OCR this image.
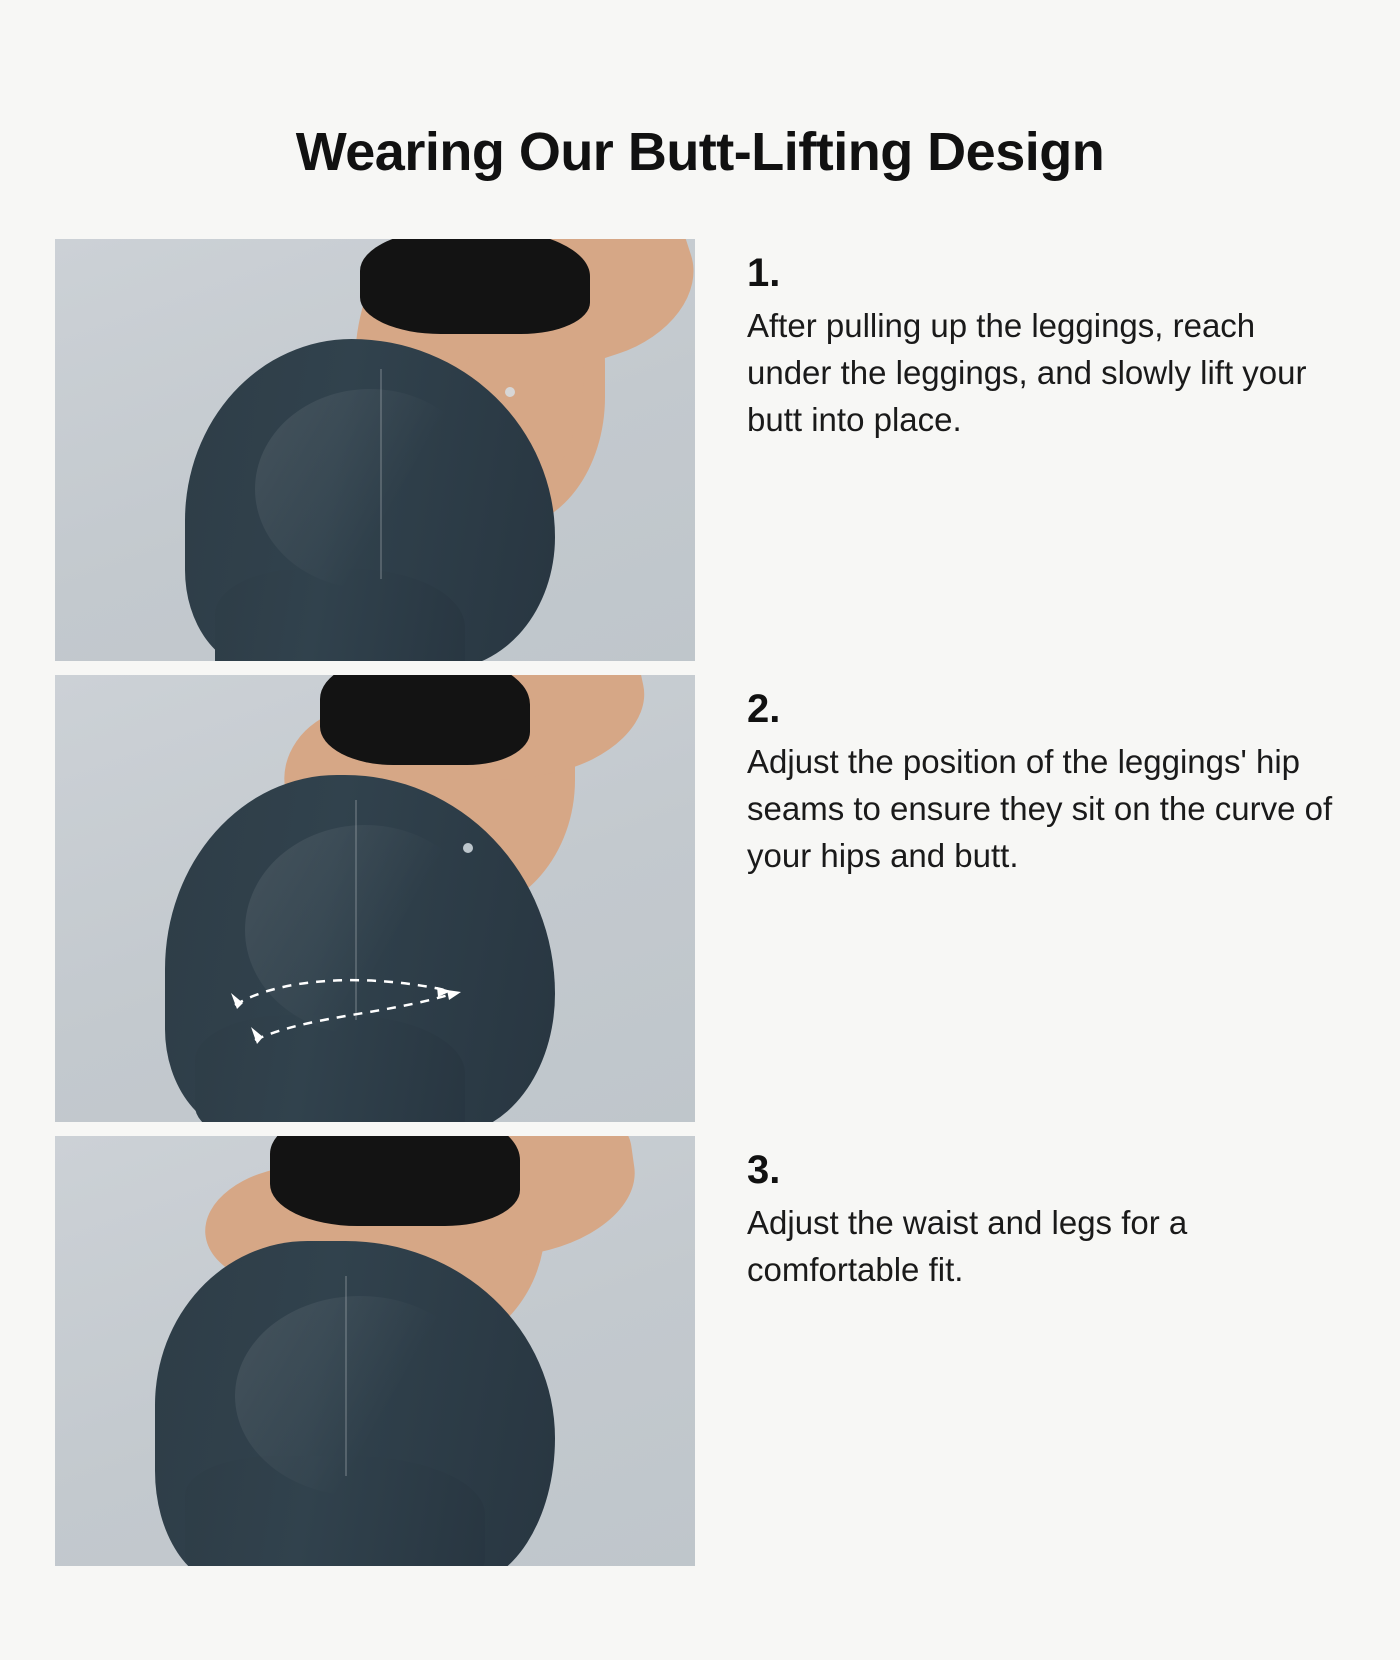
Wearing Our Butt-Lifting Design
1.
After pulling up the leggings, reach under the leggings, and slowly lift your butt into place.
2.
Adjust the position of the leggings' hip seams to ensure they sit on the curve of your hips and butt.
3.
Adjust the waist and legs for a comfortable fit.
